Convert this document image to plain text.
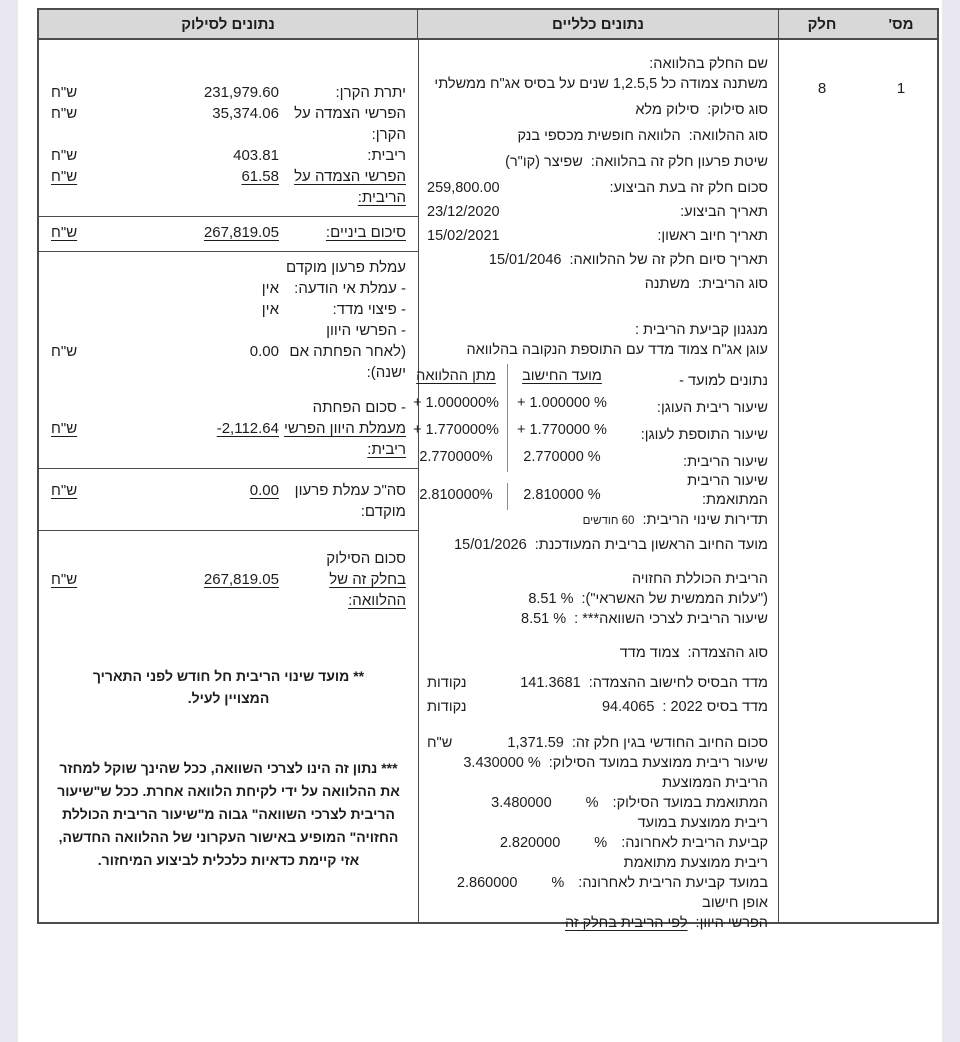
מס'
חלק
נתונים כלליים
נתונים לסילוק
1
8
שם החלק בהלוואה:
משתנה צמודה כל 1,2.5,5 שנים על בסיס אג"ח ממשלתי
סוג סילוק:
סילוק מלא
סוג ההלוואה:
הלוואה חופשית מכספי בנק
שיטת פרעון חלק זה בהלוואה:
שפיצר (קו"ר)
סכום חלק זה בעת הביצוע:
259,800.00
תאריך הביצוע:
23/12/2020
תאריך חיוב ראשון:
15/02/2021
תאריך סיום חלק זה של ההלוואה:
15/01/2046
סוג הריבית:
משתנה
מנגנון קביעת הריבית :
עוגן אג"ח צמוד מדד עם התוספת הנקובה בהלוואה
נתונים למועד -
מועד החישוב
מתן ההלוואה
שיעור ריבית העוגן:
+ 1.000000 %
+ 1.000000%
שיעור התוספת לעוגן:
+ 1.770000 %
+ 1.770000%
שיעור הריבית:
2.770000 %
2.770000%
שיעור הריבית
המתואמת:
2.810000 %
2.810000%
תדירות שינוי הריבית:
60 חודשים
מועד החיוב הראשון בריבית המעודכנת:
15/01/2026
הריבית הכוללת החזויה
("עלות הממשית של האשראי"):
8.51 %
שיעור הריבית לצרכי השוואה*** :
8.51 %
סוג ההצמדה:
צמוד מדד
מדד הבסיס לחישוב ההצמדה:
141.3681
נקודות
מדד בסיס 2022 :
94.4065
נקודות
סכום החיוב החודשי בגין חלק זה:
1,371.59
ש"ח
שיעור ריבית ממוצעת במועד הסילוק:
3.430000 %
הריבית הממוצעת
המתואמת במועד הסילוק:
%
3.480000
ריבית ממוצעת במועד
קביעת הריבית לאחרונה:
%
2.820000
ריבית ממוצעת מתואמת
במועד קביעת הריבית לאחרונה:
%
2.860000
אופן חישוב
הפרשי היוון:
לפי הריבית בחלק זה
יתרת הקרן:
231,979.60
ש"ח
הפרשי הצמדה על הקרן:
35,374.06
ש"ח
ריבית:
403.81
ש"ח
הפרשי הצמדה על הריבית:
61.58
ש"ח
סיכום ביניים:
267,819.05
ש"ח
עמלת פרעון מוקדם
- עמלת אי הודעה:
אין
- פיצוי מדד:
אין
- הפרשי היוון
(לאחר הפחתה אם ישנה):
0.00
ש"ח
- סכום הפחתה
מעמלת היוון הפרשי ריבית:
-2,112.64
ש"ח
סה"כ עמלת פרעון מוקדם:
0.00
ש"ח
סכום הסילוק
בחלק זה של ההלוואה:
267,819.05
ש"ח
** מועד שינוי הריבית חל חודש לפני התאריך המצויין לעיל.
*** נתון זה הינו לצרכי השוואה, ככל שהינך שוקל למחזר את ההלוואה על ידי לקיחת הלוואה אחרת. ככל ש"שיעור הריבית לצרכי השוואה" גבוה מ"שיעור הריבית הכוללת החזויה" המופיע באישור העקרוני של ההלוואה החדשה, אזי קיימת כדאיות כלכלית לביצוע המיחזור.
